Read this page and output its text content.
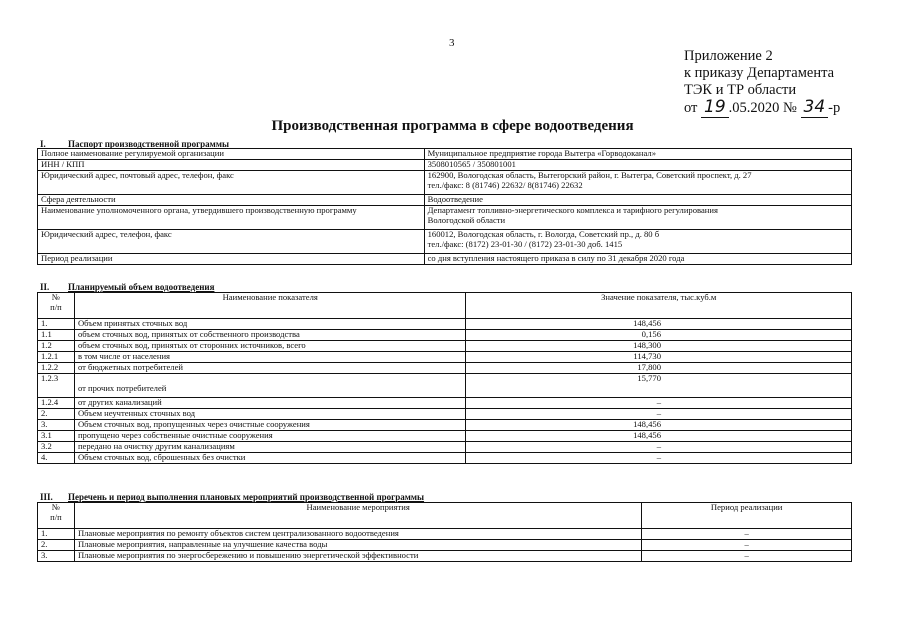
3
Приложение 2
к приказу Департамента
ТЭК и ТР области
от 19 .05.2020 № 34 -р
Производственная программа в сфере водоотведения
I. Паспорт производственной программы
Полное наименование регулируемой организации	Муниципальное предприятие города Вытегра «Горводоканал»
ИНН / КПП	3508010565 / 350801001
Юридический адрес, почтовый адрес, телефон, факс	162900, Вологодская область, Вытегорский район, г. Вытегра, Советский проспект, д. 27
тел./факс: 8 (81746) 22632/ 8(81746) 22632

Сфера деятельности	Водоотведение
Наименование уполномоченного органа, утвердившего производственную программу	Департамент топливно-энергетического комплекса и тарифного регулирования
Вологодской области

Юридический адрес, телефон, факс	160012, Вологодская область, г. Вологда, Советский пр., д. 80 б
тел./факс: (8172) 23-01-30 / (8172) 23-01-30 доб. 1415

Период реализации	со дня вступления настоящего приказа в силу по 31 декабря 2020 года
II. Планируемый объем водоотведения
№
п/п	Наименование показателя	Значение показателя, тыс.куб.м
1.	Объем принятых сточных вод	148,456
1.1	объем сточных вод, принятых от собственного производства	0,156
1.2	объем сточных вод, принятых от сторонних источников, всего	148,300
1.2.1	в том числе от населения	114,730
1.2.2	от бюджетных потребителей	17,800
1.2.3	от прочих потребителей	15,770
1.2.4	от других канализаций	–
2.	Объем неучтенных сточных вод	–
3.	Объем сточных вод, пропущенных через очистные сооружения	148,456
3.1	пропущено через собственные очистные сооружения	148,456
3.2	передано на очистку другим канализациям	–
4.	Объем сточных вод, сброшенных без очистки	–
III. Перечень и период выполнения плановых мероприятий производственной программы
№
п/п	Наименование мероприятия	Период реализации
1.	Плановые мероприятия по ремонту объектов систем централизованного водоотведения	–
2.	Плановые мероприятия, направленные на улучшение качества воды	–
3.	Плановые мероприятия по энергосбережению и повышению энергетической эффективности	–
